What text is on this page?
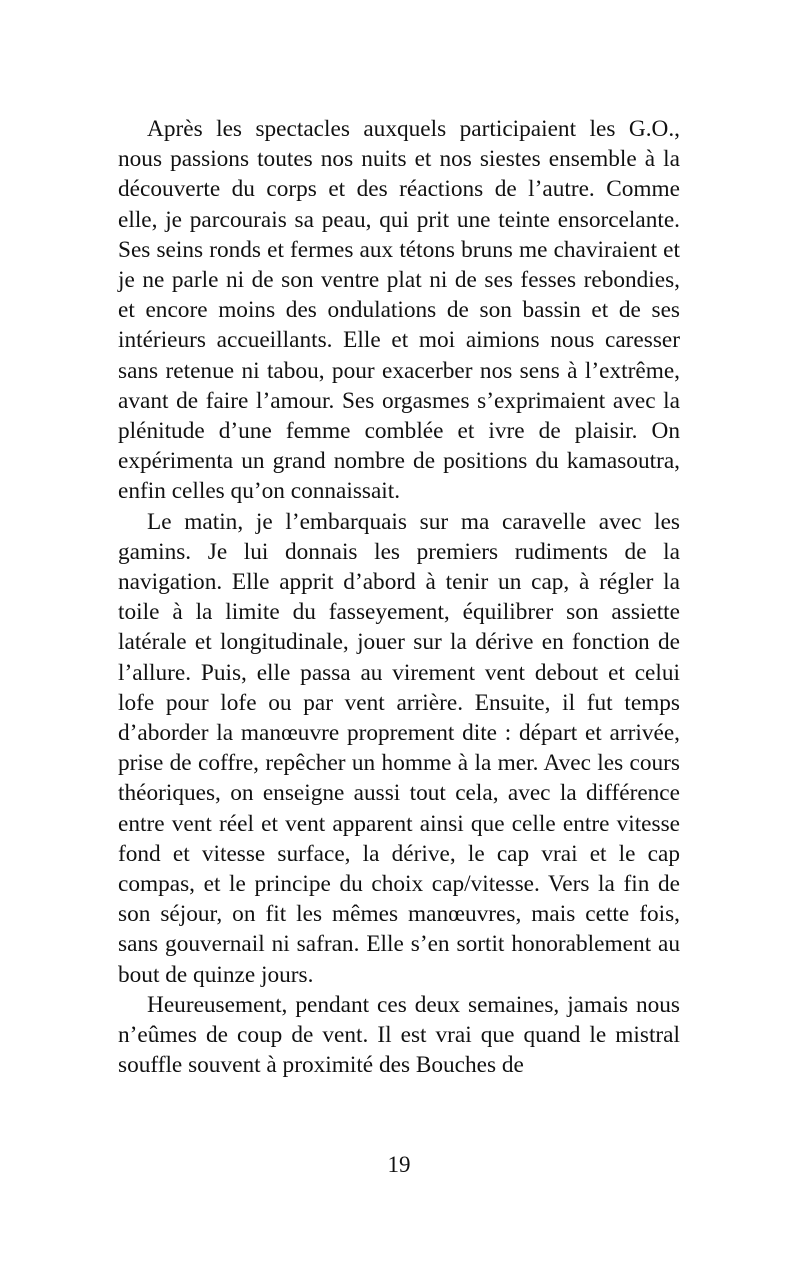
Après les spectacles auxquels participaient les G.O., nous passions toutes nos nuits et nos siestes ensemble à la découverte du corps et des réactions de l’autre. Comme elle, je parcourais sa peau, qui prit une teinte ensorcelante. Ses seins ronds et fermes aux tétons bruns me chaviraient et je ne parle ni de son ventre plat ni de ses fesses rebondies, et encore moins des ondulations de son bassin et de ses intérieurs accueillants. Elle et moi aimions nous caresser sans retenue ni tabou, pour exacerber nos sens à l’extrême, avant de faire l’amour. Ses orgasmes s’exprimaient avec la plénitude d’une femme comblée et ivre de plaisir. On expérimenta un grand nombre de positions du kamasoutra, enfin celles qu’on connaissait.

Le matin, je l’embarquais sur ma caravelle avec les gamins. Je lui donnais les premiers rudiments de la navigation. Elle apprit d’abord à tenir un cap, à régler la toile à la limite du fasseyement, équilibrer son assiette latérale et longitudinale, jouer sur la dérive en fonction de l’allure. Puis, elle passa au virement vent debout et celui lofe pour lofe ou par vent arrière. Ensuite, il fut temps d’aborder la manœuvre proprement dite : départ et arrivée, prise de coffre, repêcher un homme à la mer. Avec les cours théoriques, on enseigne aussi tout cela, avec la différence entre vent réel et vent apparent ainsi que celle entre vitesse fond et vitesse surface, la dérive, le cap vrai et le cap compas, et le principe du choix cap/vitesse. Vers la fin de son séjour, on fit les mêmes manœuvres, mais cette fois, sans gouvernail ni safran. Elle s’en sortit honorablement au bout de quinze jours.

Heureusement, pendant ces deux semaines, jamais nous n’eûmes de coup de vent. Il est vrai que quand le mistral souffle souvent à proximité des Bouches de

19
